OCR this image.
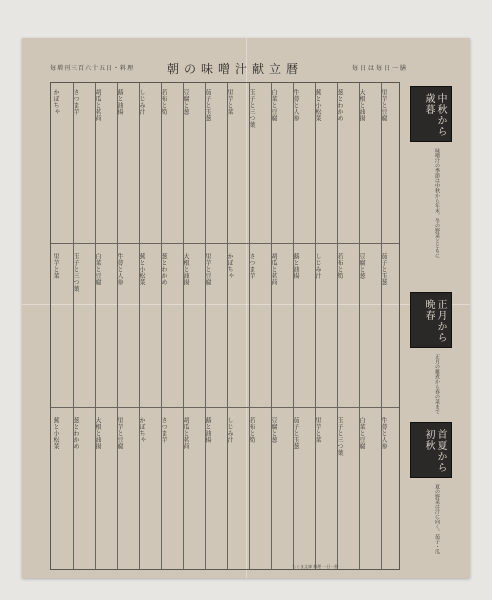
毎増刊三百六十五日・料理	朝の味噌汁献立暦	毎日は毎日一膳
里芋と豆腐
大根と油揚
葱とわかめ
蕪と小松菜
牛蒡と人参
白菜と豆腐
玉子と三つ葉
里芋と菜
茄子と玉葱
豆腐と葱
若布と筍
しじみ汁
蕗と油揚
胡瓜と茗荷
さつま芋
かぼちゃ
茄子と玉葱
豆腐と葱
若布と筍
しじみ汁
蕗と油揚
胡瓜と茗荷
さつま芋
かぼちゃ
里芋と豆腐
大根と油揚
葱とわかめ
蕪と小松菜
牛蒡と人参
白菜と豆腐
玉子と三つ葉
里芋と菜
牛蒡と人参
白菜と豆腐
玉子と三つ葉
里芋と菜
茄子と玉葱
豆腐と葱
若布と筍
しじみ汁
蕗と油揚
胡瓜と茗荷
さつま芋
かぼちゃ
里芋と豆腐
大根と油揚
葱とわかめ
蕪と小松菜
中秋から歳暮
味噌汁の季節は中秋から年末。冬の野菜とともに
正月から晩春
正月の雑煮から春の菜まで
首夏から初秋
夏の野菜は汁に向く。茄子・瓜
ちくま文庫 料理 一日一膳
